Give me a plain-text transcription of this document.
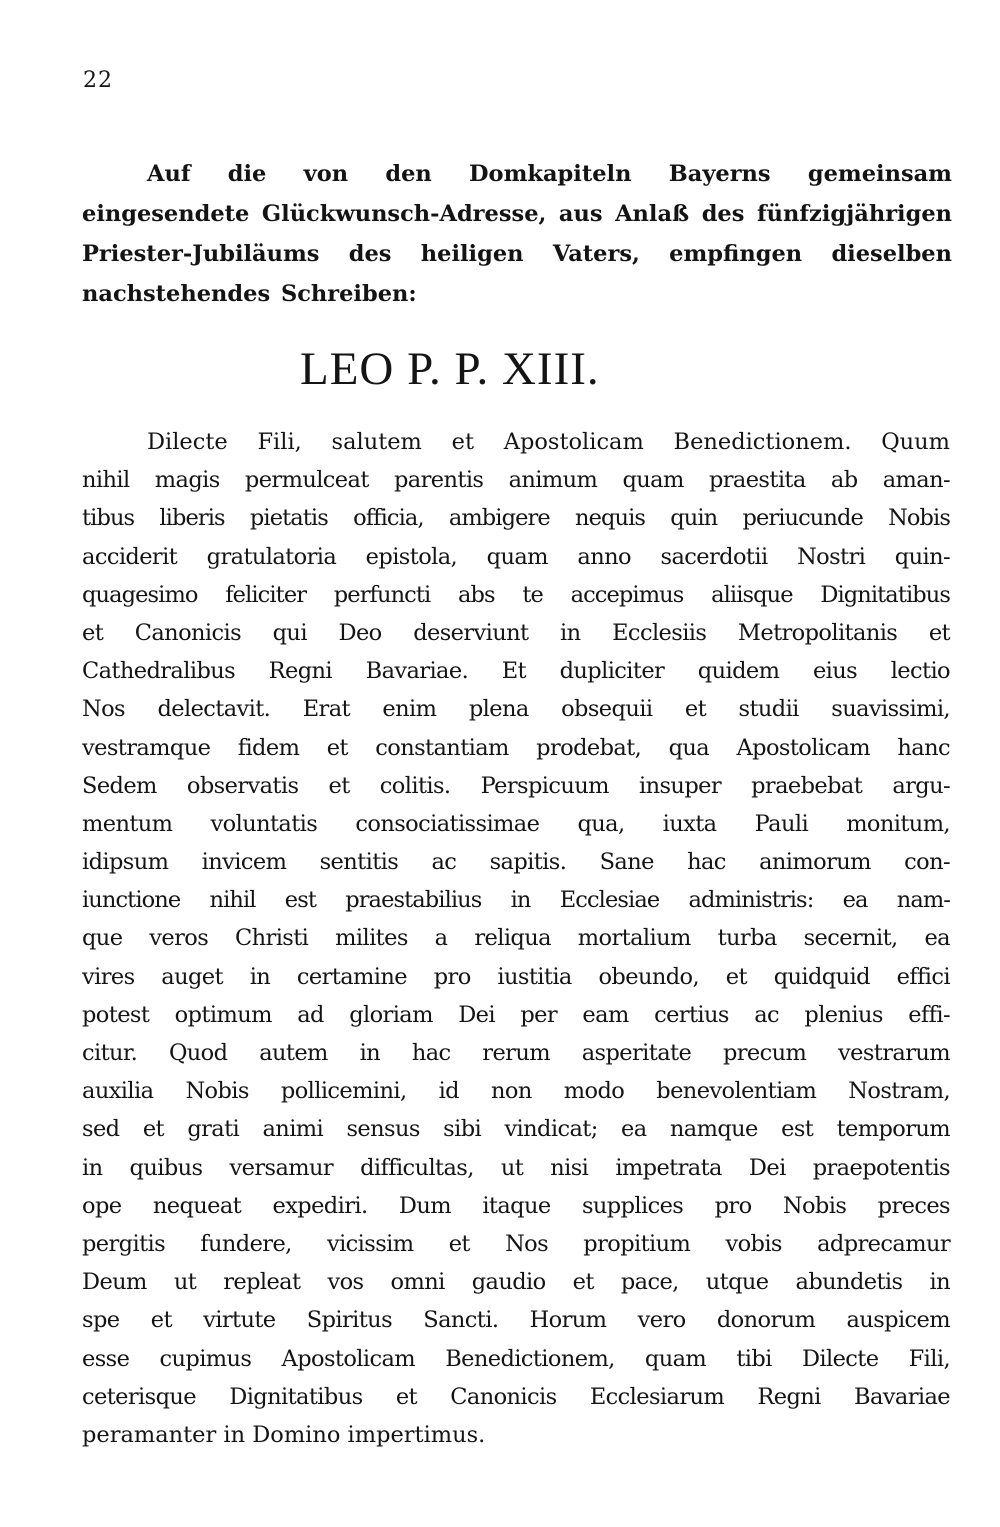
22
Auf die von den Domkapiteln Bayerns gemeinsam eingesendete Glückwunsch-Adresse, aus Anlaß des fünfzigjährigen Priester-Jubiläums des heiligen Vaters, empfingen dieselben nachstehendes Schreiben:
LEO P. P. XIII.
Dilecte Fili, salutem et Apostolicam Benedictionem. Quum
nihil magis permulceat parentis animum quam praestita ab aman-
tibus liberis pietatis officia, ambigere nequis quin periucunde Nobis
acciderit gratulatoria epistola, quam anno sacerdotii Nostri quin-
quagesimo feliciter perfuncti abs te accepimus aliisque Dignitatibus
et Canonicis qui Deo deserviunt in Ecclesiis Metropolitanis et
Cathedralibus Regni Bavariae. Et dupliciter quidem eius lectio
Nos delectavit. Erat enim plena obsequii et studii suavissimi,
vestramque fidem et constantiam prodebat, qua Apostolicam hanc
Sedem observatis et colitis. Perspicuum insuper praebebat argu-
mentum voluntatis consociatissimae qua, iuxta Pauli monitum,
idipsum invicem sentitis ac sapitis. Sane hac animorum con-
iunctione nihil est praestabilius in Ecclesiae administris: ea nam-
que veros Christi milites a reliqua mortalium turba secernit, ea
vires auget in certamine pro iustitia obeundo, et quidquid effici
potest optimum ad gloriam Dei per eam certius ac plenius effi-
citur. Quod autem in hac rerum asperitate precum vestrarum
auxilia Nobis pollicemini, id non modo benevolentiam Nostram,
sed et grati animi sensus sibi vindicat; ea namque est temporum
in quibus versamur difficultas, ut nisi impetrata Dei praepotentis
ope nequeat expediri. Dum itaque supplices pro Nobis preces
pergitis fundere, vicissim et Nos propitium vobis adprecamur
Deum ut repleat vos omni gaudio et pace, utque abundetis in
spe et virtute Spiritus Sancti. Horum vero donorum auspicem
esse cupimus Apostolicam Benedictionem, quam tibi Dilecte Fili,
ceterisque Dignitatibus et Canonicis Ecclesiarum Regni Bavariae
peramanter in Domino impertimus.
